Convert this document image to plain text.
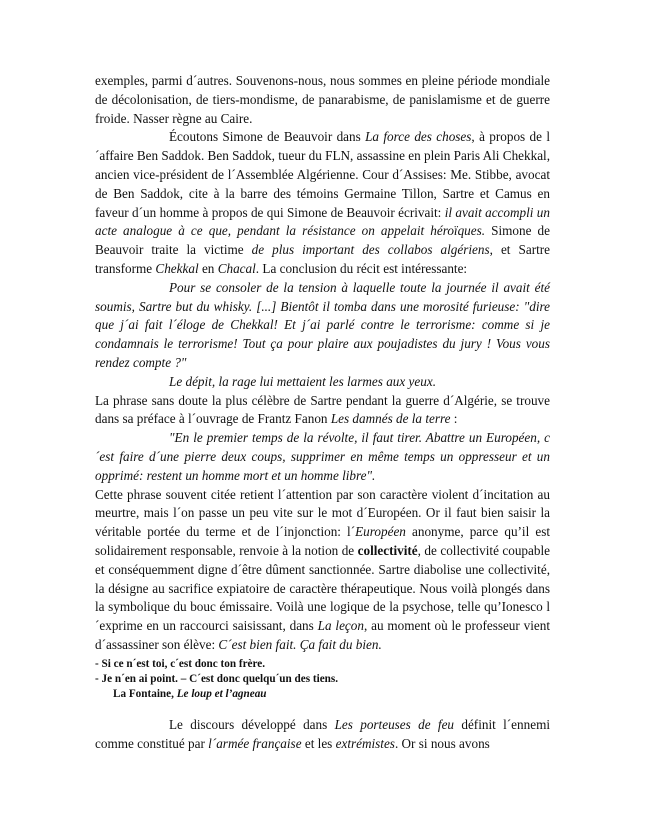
exemples, parmi d´autres. Souvenons-nous, nous sommes en pleine période mondiale de décolonisation, de tiers-mondisme, de panarabisme, de panislamisme et de guerre froide. Nasser règne au Caire.

Écoutons Simone de Beauvoir dans La force des choses, à propos de l´affaire Ben Saddok. Ben Saddok, tueur du FLN, assassine en plein Paris Ali Chekkal, ancien vice-président de l´Assemblée Algérienne. Cour d´Assises: Me. Stibbe, avocat de Ben Saddok, cite à la barre des témoins Germaine Tillon, Sartre et Camus en faveur d´un homme à propos de qui Simone de Beauvoir écrivait: il avait accompli un acte analogue à ce que, pendant la résistance on appelait héroïques. Simone de Beauvoir traite la victime de plus important des collabos algériens, et Sartre transforme Chekkal en Chacal. La conclusion du récit est intéressante:

Pour se consoler de la tension à laquelle toute la journée il avait été soumis, Sartre but du whisky. [...] Bientôt il tomba dans une morosité furieuse: "dire que j´ai fait l´éloge de Chekkal! Et j´ai parlé contre le terrorisme: comme si je condamnais le terrorisme! Tout ça pour plaire aux poujadistes du jury ! Vous vous rendez compte ?"

Le dépit, la rage lui mettaient les larmes aux yeux.

La phrase sans doute la plus célèbre de Sartre pendant la guerre d´Algérie, se trouve dans sa préface à l´ouvrage de Frantz Fanon Les damnés de la terre :

"En le premier temps de la révolte, il faut tirer. Abattre un Européen, c´est faire d´une pierre deux coups, supprimer en même temps un oppresseur et un opprimé: restent un homme mort et un homme libre".

Cette phrase souvent citée retient l´attention par son caractère violent d´incitation au meurtre, mais l´on passe un peu vite sur le mot d´Européen. Or il faut bien saisir la véritable portée du terme et de l´injonction: l´Européen anonyme, parce qu’il est solidairement responsable, renvoie à la notion de collectivité, de collectivité coupable et conséquemment digne d´être dûment sanctionnée. Sartre diabolise une collectivité, la désigne au sacrifice expiatoire de caractère thérapeutique. Nous voilà plongés dans la symbolique du bouc émissaire. Voilà une logique de la psychose, telle qu’Ionesco l´exprime en un raccourci saisissant, dans La leçon, au moment où le professeur vient d´assassiner son élève: C´est bien fait. Ça fait du bien.

- Si ce n´est toi, c´est donc ton frère.

- Je n´en ai point. – C´est donc quelqu´un des tiens.

La Fontaine, Le loup et l’agneau

Le discours développé dans Les porteuses de feu définit l´ennemi comme constitué par l´armée française et les extrémistes. Or si nous avons
